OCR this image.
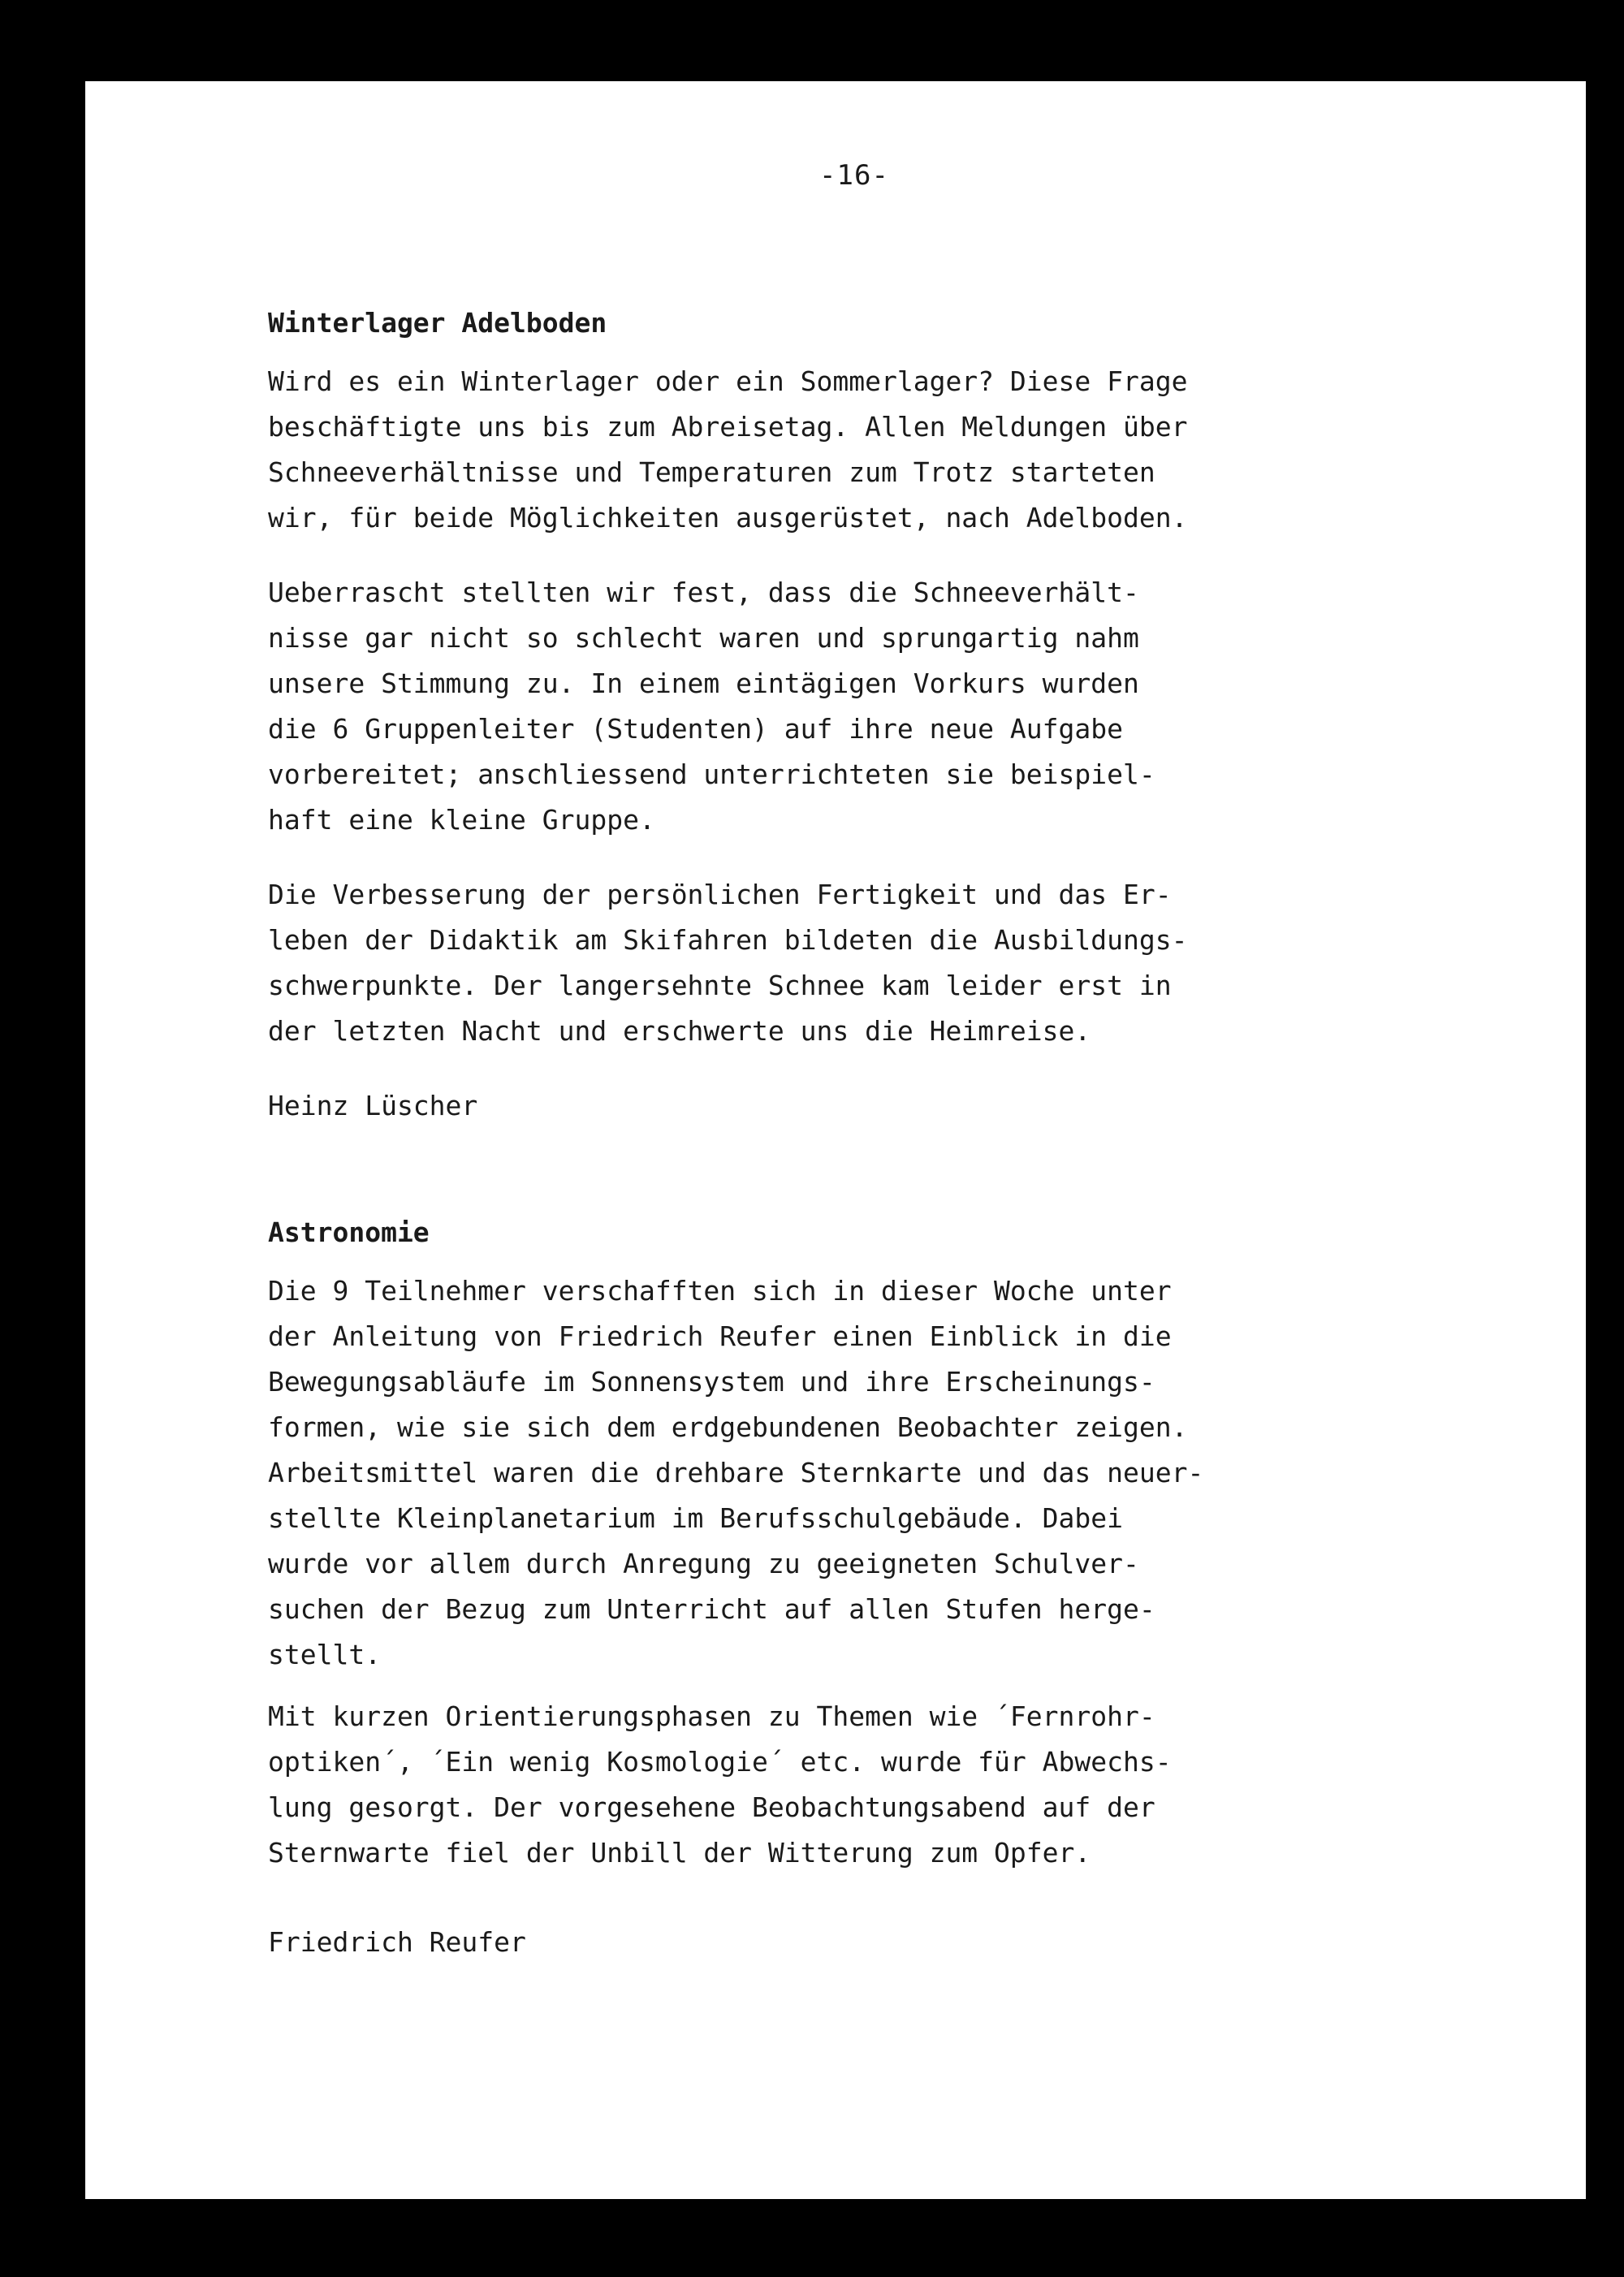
-16-
Winterlager Adelboden
Wird es ein Winterlager oder ein Sommerlager? Diese Frage
beschäftigte uns bis zum Abreisetag. Allen Meldungen über
Schneeverhältnisse und Temperaturen zum Trotz starteten
wir, für beide Möglichkeiten ausgerüstet, nach Adelboden.
Ueberrascht stellten wir fest, dass die Schneeverhält-
nisse gar nicht so schlecht waren und sprungartig nahm
unsere Stimmung zu. In einem eintägigen Vorkurs wurden
die 6 Gruppenleiter (Studenten) auf ihre neue Aufgabe
vorbereitet; anschliessend unterrichteten sie beispiel-
haft eine kleine Gruppe.
Die Verbesserung der persönlichen Fertigkeit und das Er-
leben der Didaktik am Skifahren bildeten die Ausbildungs-
schwerpunkte. Der langersehnte Schnee kam leider erst in
der letzten Nacht und erschwerte uns die Heimreise.
Heinz Lüscher
Astronomie
Die 9 Teilnehmer verschafften sich in dieser Woche unter
der Anleitung von Friedrich Reufer einen Einblick in die
Bewegungsabläufe im Sonnensystem und ihre Erscheinungs-
formen, wie sie sich dem erdgebundenen Beobachter zeigen.
Arbeitsmittel waren die drehbare Sternkarte und das neuer-
stellte Kleinplanetarium im Berufsschulgebäude. Dabei
wurde vor allem durch Anregung zu geeigneten Schulver-
suchen der Bezug zum Unterricht auf allen Stufen herge-
stellt.
Mit kurzen Orientierungsphasen zu Themen wie ´Fernrohr-
optiken´, ´Ein wenig Kosmologie´ etc. wurde für Abwechs-
lung gesorgt. Der vorgesehene Beobachtungsabend auf der
Sternwarte fiel der Unbill der Witterung zum Opfer.
Friedrich Reufer
